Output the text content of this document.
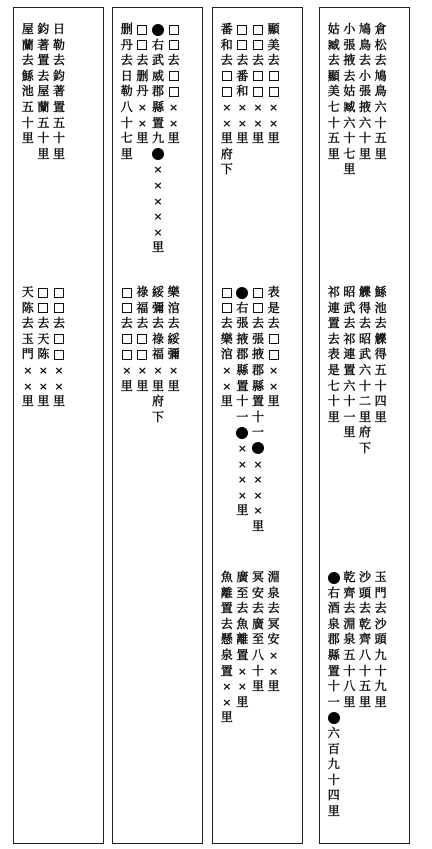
日
勒
去
鈞
著
置
五
十
里
鈞
著
置
去
屋
蘭
五
十
里
屋
蘭
去
鯀
池
五
十
里
去
×
×
里
去
天
陈
×
×
里
天
陈
去
玉
門
×
×
里
去
×
×
里
右
武
威
郡
縣
置
九
×
×
×
×
×
里
去
删
丹
×
×
里
删
丹
去
日
勒
八
十
七
里
樂
涫
去
綏
彌
×
里
綏
彌
去
祿
福
×
里
府
下
祿
福
去
×
里
去
×
里
顯
美
去
×
×
里
去
×
×
里
去
番
和
×
×
里
番
和
去
×
×
里
府
下
表
是
去
×
×
里
去
張
掖
郡
縣
置
十
一
×
×
×
×
里
右
張
掖
郡
縣
置
十
一
×
×
×
×
里
去
樂
涫
×
×
里
淵
泉
去
冥
安
×
×
里
冥
安
去
廣
至
八
十
里
廣
至
去
魚
離
置
×
×
里
魚
離
置
去
懸
泉
置
×
×
里
倉
松
去
鳩
鳥
六
十
五
里
鳩
鳥
去
小
張
掖
六
十
里
小
張
掖
去
姑
臧
六
十
七
里
姑
臧
去
顯
美
七
十
五
里
鯀
池
去
觻
得
五
十
四
里
觻
得
去
昭
武
六
十
二
里
府
下
昭
武
去
祁
連
置
六
十
一
里
祁
連
置
去
表
是
七
十
里
玉
門
去
沙
頭
九
十
九
里
沙
頭
去
乾
齊
八
十
五
里
乾
齊
去
淵
泉
五
十
八
里
右
酒
泉
郡
縣
置
十
一
六
百
九
十
四
里
